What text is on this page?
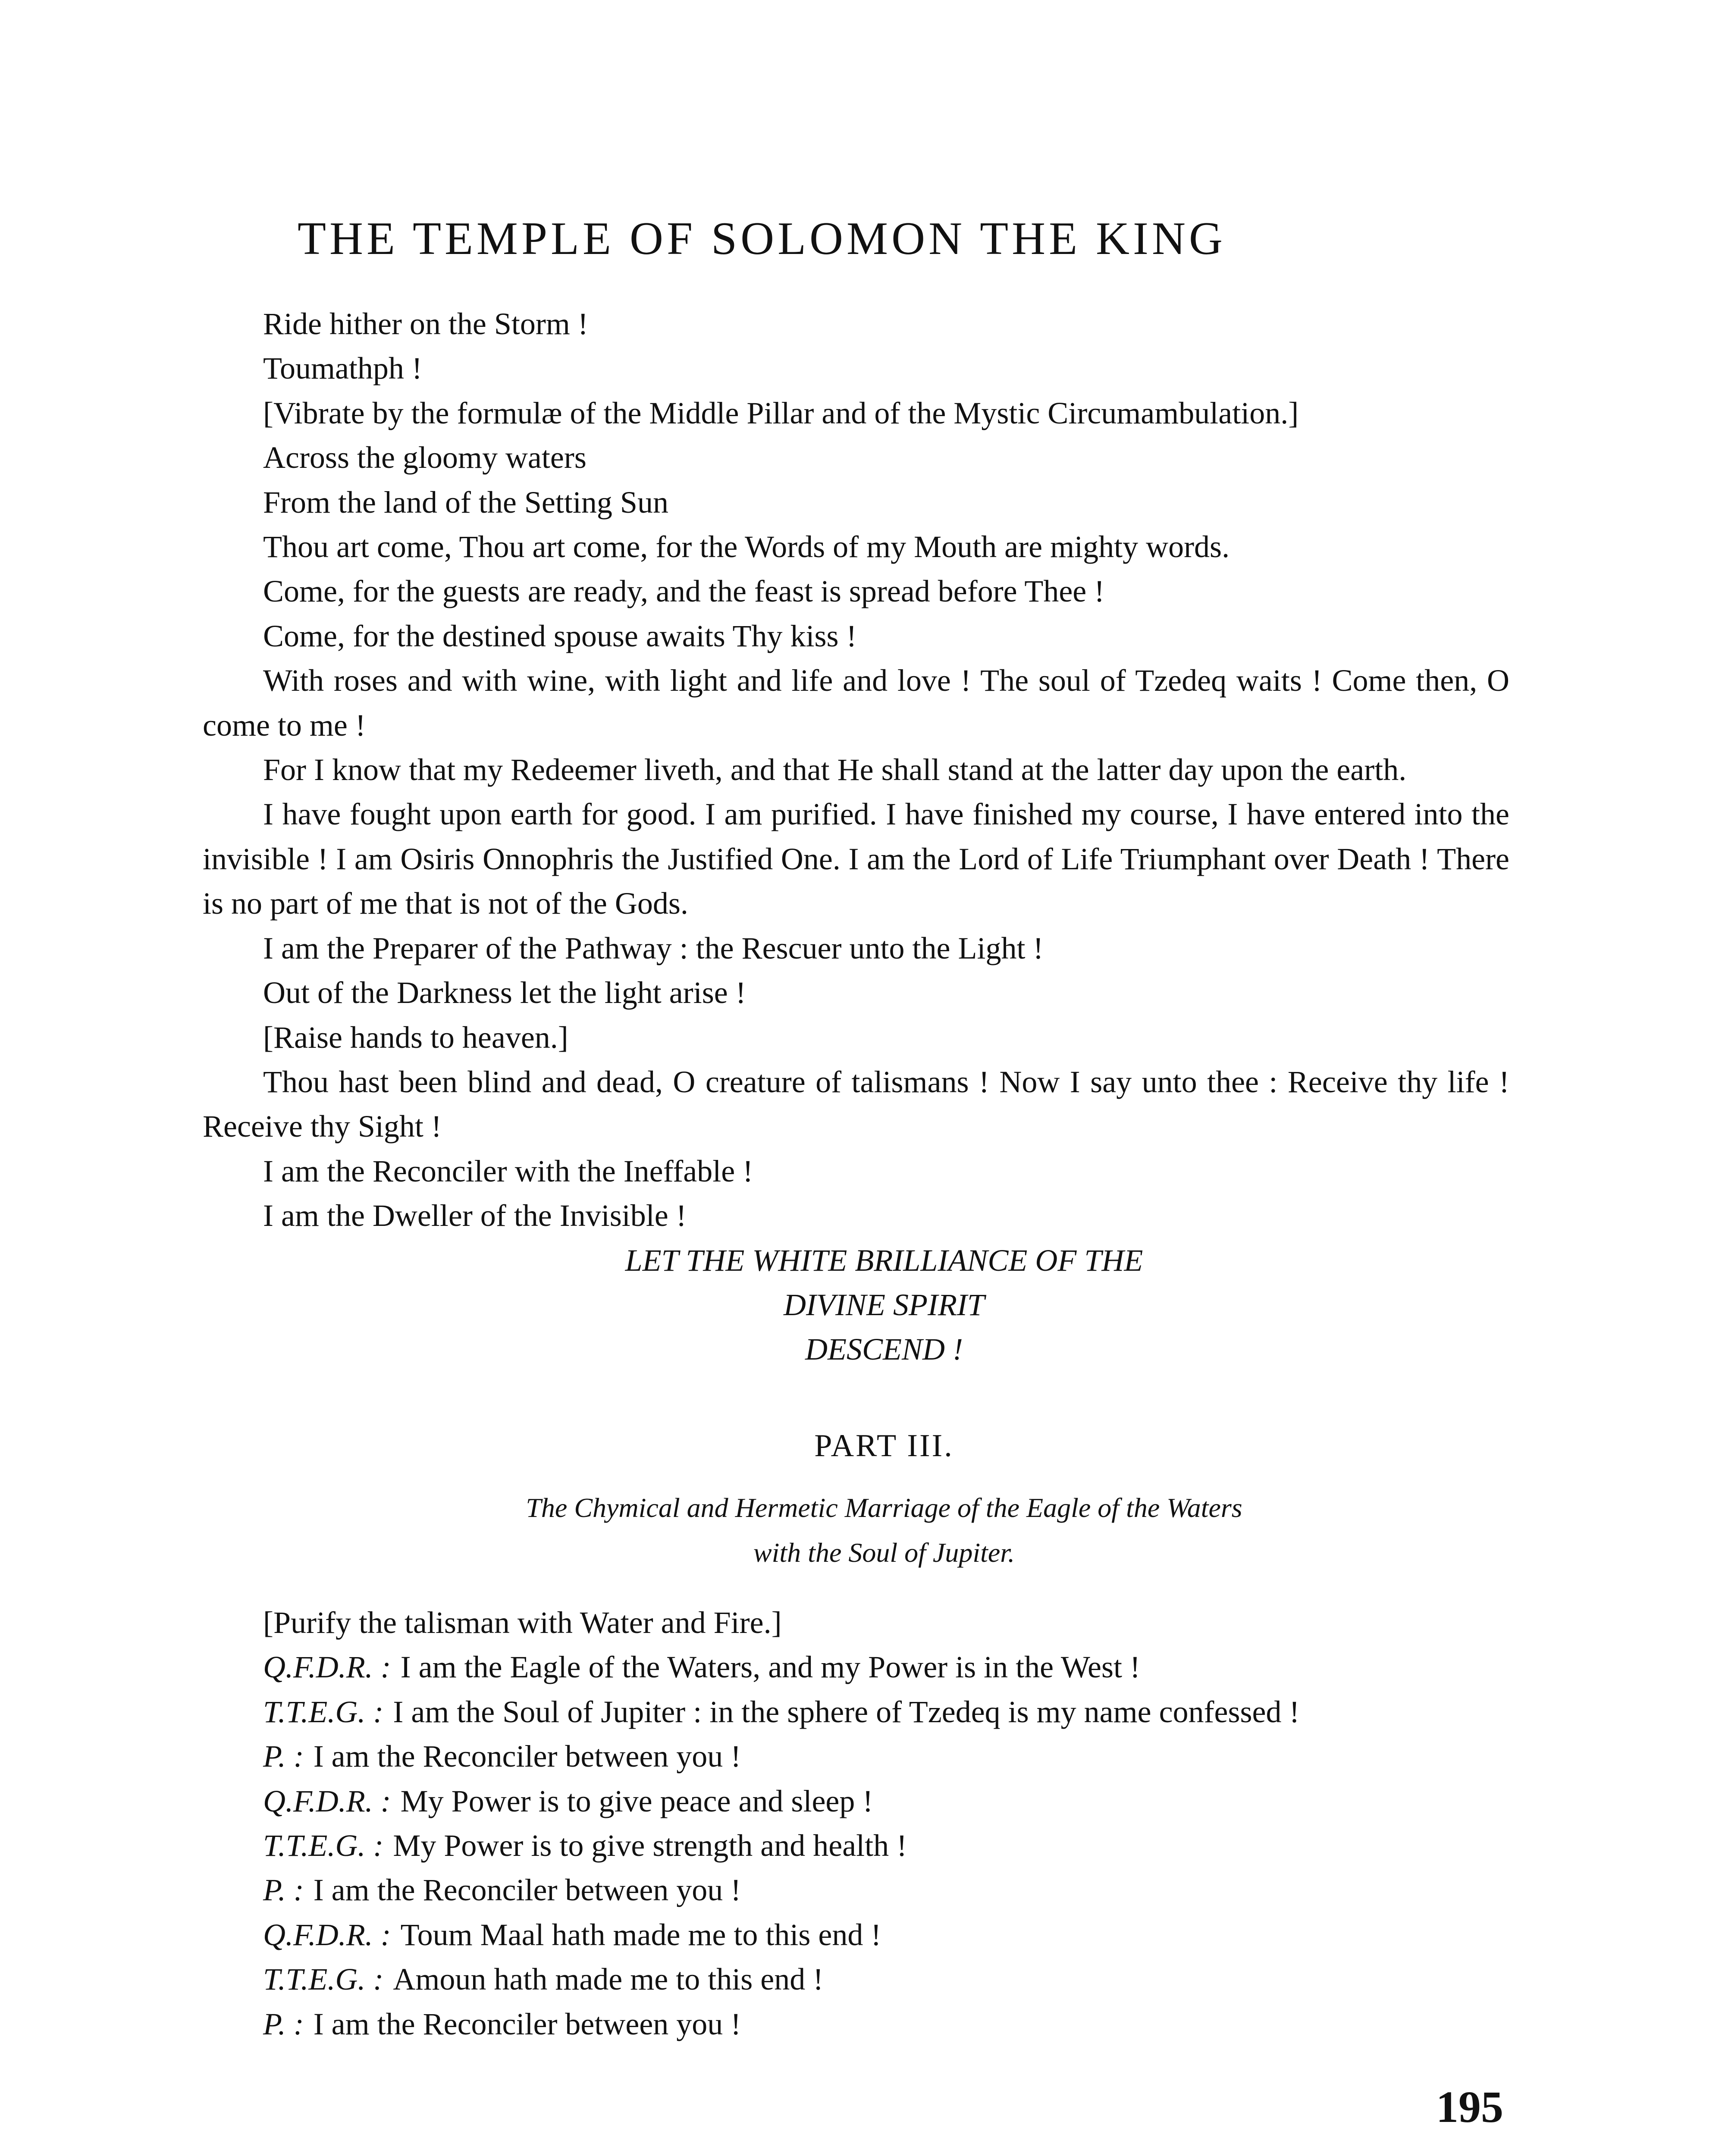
THE TEMPLE OF SOLOMON THE KING

Ride hither on the Storm !

Toumathph !

[Vibrate by the formulæ of the Middle Pillar and of the Mystic Circumambulation.]

Across the gloomy waters

From the land of the Setting Sun

Thou art come, Thou art come, for the Words of my Mouth are mighty words.

Come, for the guests are ready, and the feast is spread before Thee !

Come, for the destined spouse awaits Thy kiss !

With roses and with wine, with light and life and love ! The soul of Tzedeq waits ! Come then, O come to me !

For I know that my Redeemer liveth, and that He shall stand at the latter day upon the earth.

I have fought upon earth for good. I am purified. I have finished my course, I have entered into the invisible ! I am Osiris Onnophris the Justified One. I am the Lord of Life Triumphant over Death ! There is no part of me that is not of the Gods.

I am the Preparer of the Pathway : the Rescuer unto the Light !

Out of the Darkness let the light arise !

[Raise hands to heaven.]

Thou hast been blind and dead, O creature of talismans ! Now I say unto thee : Receive thy life ! Receive thy Sight !

I am the Reconciler with the Ineffable !

I am the Dweller of the Invisible !

LET THE WHITE BRILLIANCE OF THE

DIVINE SPIRIT

DESCEND !

PART III.

The Chymical and Hermetic Marriage of the Eagle of the Waters
with the Soul of Jupiter.

[Purify the talisman with Water and Fire.]

Q.F.D.R. : I am the Eagle of the Waters, and my Power is in the West !

T.T.E.G. : I am the Soul of Jupiter : in the sphere of Tzedeq is my name confessed !

P. : I am the Reconciler between you !

Q.F.D.R. : My Power is to give peace and sleep !

T.T.E.G. : My Power is to give strength and health !

P. : I am the Reconciler between you !

Q.F.D.R. : Toum Maal hath made me to this end !

T.T.E.G. : Amoun hath made me to this end !

P. : I am the Reconciler between you !

195
